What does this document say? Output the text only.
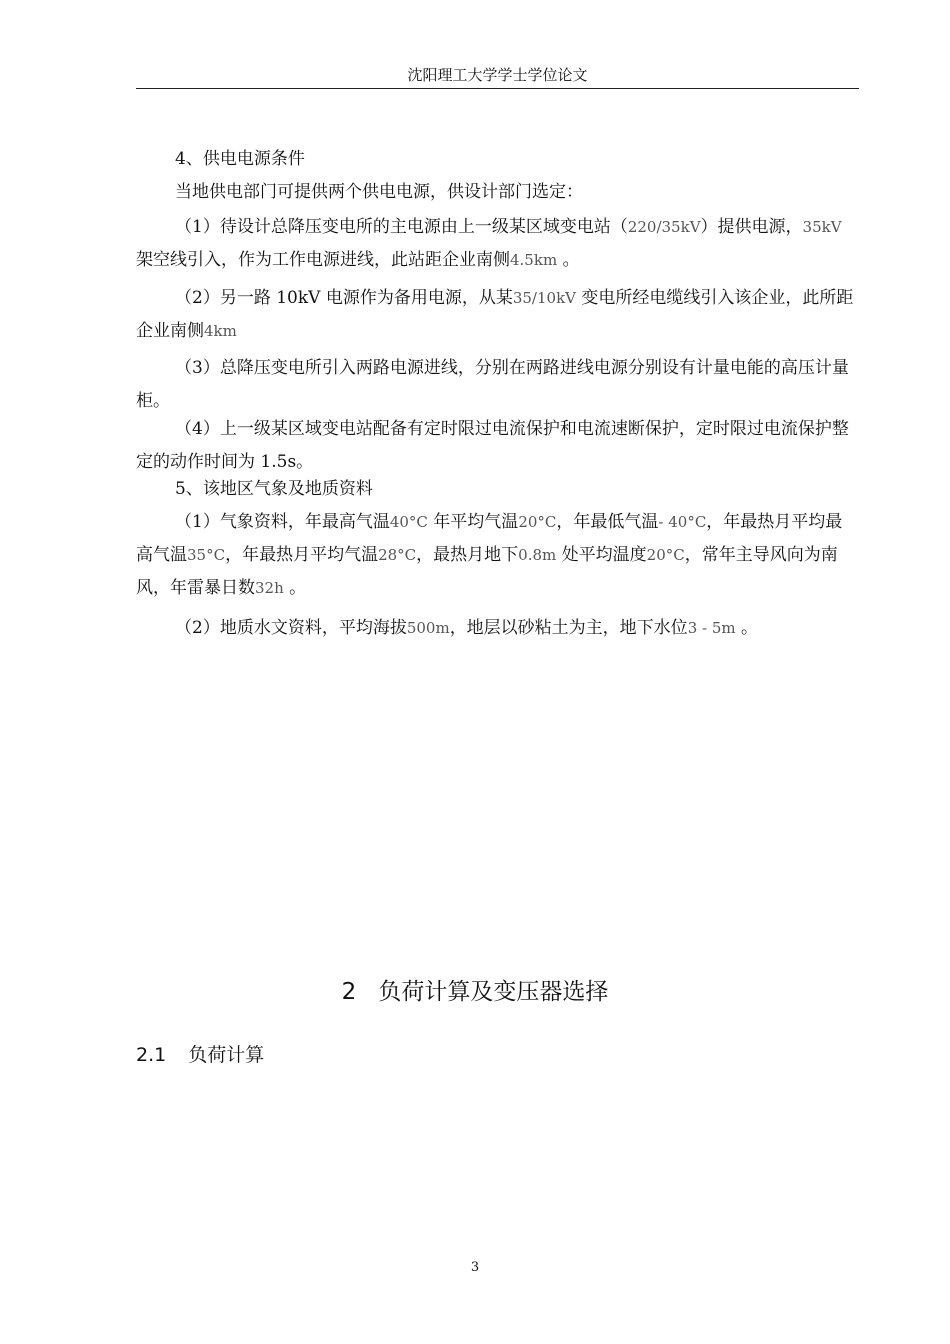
沈阳理工大学学士学位论文
4、供电电源条件
当地供电部门可提供两个供电电源，供设计部门选定：
（1）待设计总降压变电所的主电源由上一级某区域变电站（220/35kV）提供电源，35kV 架空线引入，作为工作电源进线，此站距企业南侧4.5km 。
（2）另一路 10kV 电源作为备用电源，从某35/10kV 变电所经电缆线引入该企业，此所距企业南侧4km
（3）总降压变电所引入两路电源进线，分别在两路进线电源分别设有计量电能的高压计量柜。
（4）上一级某区域变电站配备有定时限过电流保护和电流速断保护，定时限过电流保护整定的动作时间为 1.5s。
5、该地区气象及地质资料
（1）气象资料，年最高气温40°C 年平均气温20°C，年最低气温- 40°C，年最热月平均最高气温35°C，年最热月平均气温28°C，最热月地下0.8m 处平均温度20°C，常年主导风向为南风，年雷暴日数32h 。
（2）地质水文资料，平均海拔500m，地层以砂粘土为主，地下水位3 - 5m 。
2 负荷计算及变压器选择
2.1 负荷计算
3
